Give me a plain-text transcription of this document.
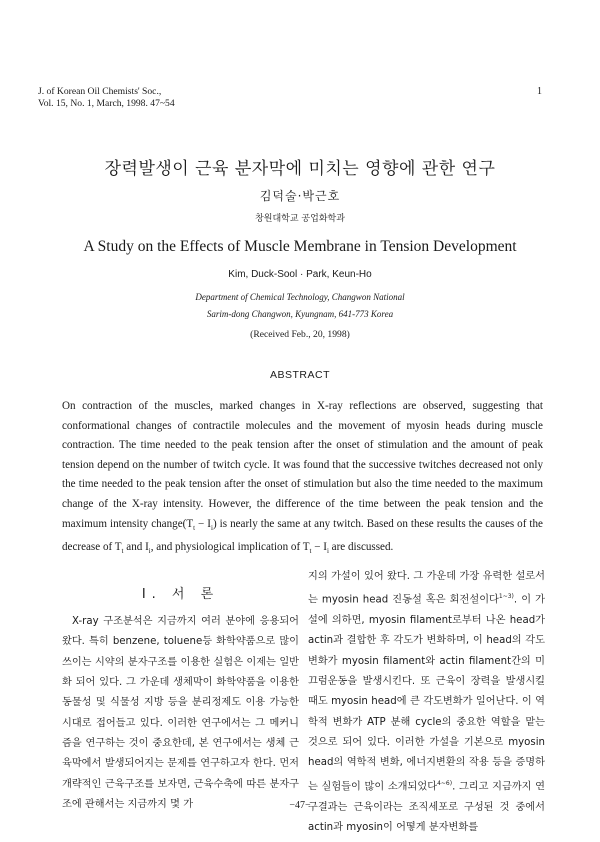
J. of Korean Oil Chemists' Soc.,
Vol. 15, No. 1, March, 1998. 47~54
1
장력발생이 근육 분자막에 미치는 영향에 관한 연구
김덕술·박근호
창원대학교 공업화학과
A Study on the Effects of Muscle Membrane in Tension Development
Kim, Duck-Sool · Park, Keun-Ho
Department of Chemical Technology, Changwon National
Sarim-dong Changwon, Kyungnam, 641-773 Korea
(Received Feb., 20, 1998)
ABSTRACT
On contraction of the muscles, marked changes in X-ray reflections are observed, suggesting that conformational changes of contractile molecules and the movement of myosin heads during muscle contraction. The time needed to the peak tension after the onset of stimulation and the amount of peak tension depend on the number of twitch cycle. It was found that the successive twitches decreased not only the time needed to the peak tension after the onset of stimulation but also the time needed to the maximum change of the X-ray intensity. However, the difference of the time between the peak tension and the maximum intensity $change(T_t - I_i)$ is nearly the same at any twitch. Based on these results the causes of the decrease of $T_t$ and $I_i$, and physiological implication of $T_t - I_i$ are discussed.
I. 서 론
X-ray 구조분석은 지금까지 여러 분야에 응용되어 왔다. 특히 benzene, toluene등 화학약품으로 많이 쓰이는 시약의 분자구조를 이용한 실험은 이제는 일반화 되어 있다. 그 가운데 생체막이 화학약품을 이용한 동물성 및 식물성 지방 등을 분리정제도 이용 가능한 시대로 접어들고 있다. 이러한 연구에서는 그 메커니즘을 연구하는 것이 중요한데, 본 연구에서는 생체 근육막에서 발생되어지는 문제를 연구하고자 한다. 먼저 개략적인 근육구조를 보자면, 근육수축에 따른 분자구조에 관해서는 지금까지 몇 가
지의 가설이 있어 왔다. 그 가운데 가장 유력한 설로서는 myosin head 진동설 혹은 회전설이다$^{1\sim 3)}$. 이 가설에 의하면, myosin filament로부터 나온 head가 actin과 결합한 후 각도가 변화하며, 이 head의 각도변화가 myosin filament와 actin filament간의 미끄럼운동을 발생시킨다. 또 근육이 장력을 발생시킬 때도 myosin head에 큰 각도변화가 일어난다. 이 역학적 변화가 ATP 분해 cycle의 중요한 역할을 맡는 것으로 되어 있다. 이러한 가설을 기본으로 myosin head의 역학적 변화, 에너지변환의 작용 등을 증명하는 실험들이 많이 소개되었다$^{4\sim 6)}$. 그리고 지금까지 연구결과는 근육이라는 조직세포로 구성된 것 중에서 actin과 myosin이 어떻게 분자변화를
−47−
